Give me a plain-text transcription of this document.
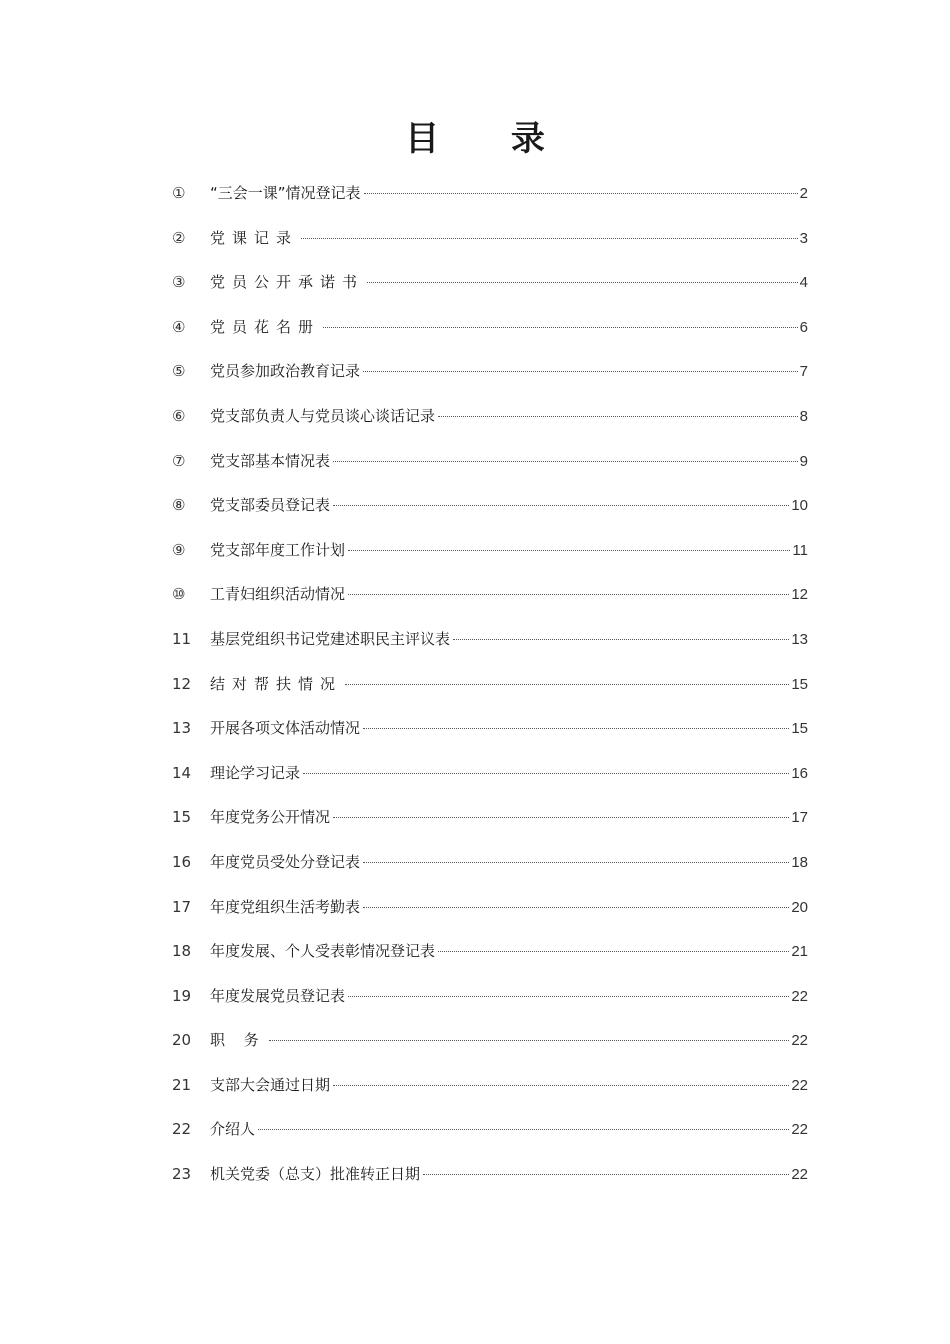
目 录
①	“三会一课”情况登记表	2
②	党课记录	3
③	党员公开承诺书	4
④	党员花名册	6
⑤	党员参加政治教育记录	7
⑥	党支部负责人与党员谈心谈话记录	8
⑦	党支部基本情况表	9
⑧	党支部委员登记表	10
⑨	党支部年度工作计划	11
⑩	工青妇组织活动情况	12
11	基层党组织书记党建述职民主评议表	13
12	结对帮扶情况	15
13	开展各项文体活动情况	15
14	理论学习记录	16
15	年度党务公开情况	17
16	年度党员受处分登记表	18
17	年度党组织生活考勤表	20
18	年度发展、个人受表彰情况登记表	21
19	年度发展党员登记表	22
20	职 务	22
21	支部大会通过日期	22
22	介绍人	22
23	机关党委（总支）批准转正日期	22
